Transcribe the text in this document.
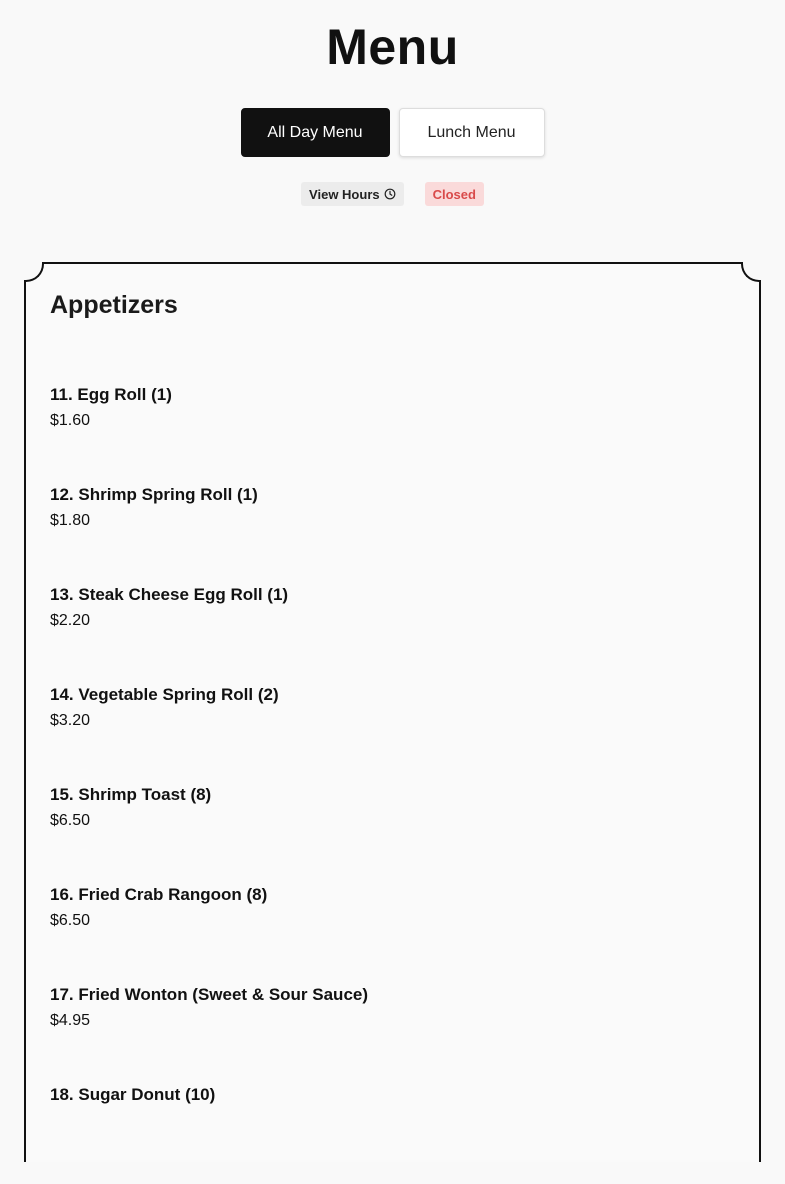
Menu
All Day Menu	Lunch Menu
View Hours	Closed
Appetizers
11. Egg Roll (1)
$1.60
12. Shrimp Spring Roll (1)
$1.80
13. Steak Cheese Egg Roll (1)
$2.20
14. Vegetable Spring Roll (2)
$3.20
15. Shrimp Toast (8)
$6.50
16. Fried Crab Rangoon (8)
$6.50
17. Fried Wonton (Sweet & Sour Sauce)
$4.95
18. Sugar Donut (10)
